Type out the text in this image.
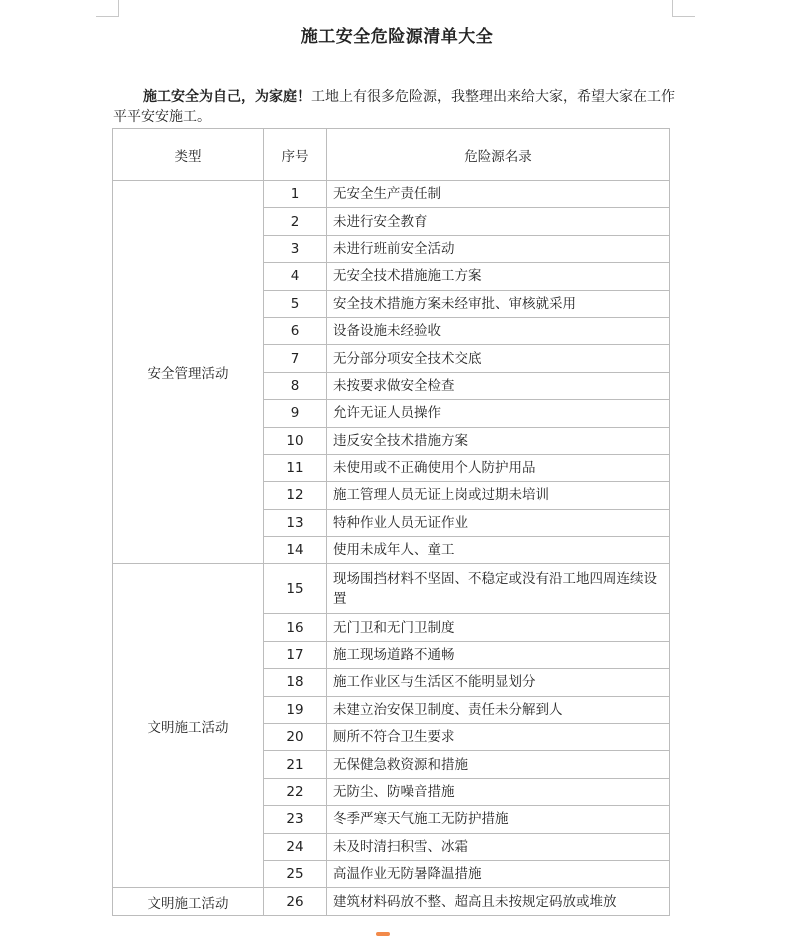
施工安全危险源清单大全
施工安全为自己，为家庭！工地上有很多危险源，我整理出来给大家，希望大家在工作平平安安施工。
类型	序号	危险源名录
安全管理活动	1	无安全生产责任制
	2	未进行安全教育
	3	未进行班前安全活动
	4	无安全技术措施施工方案
	5	安全技术措施方案未经审批、审核就采用
	6	设备设施未经验收
	7	无分部分项安全技术交底
	8	未按要求做安全检查
	9	允许无证人员操作
	10	违反安全技术措施方案
	11	未使用或不正确使用个人防护用品
	12	施工管理人员无证上岗或过期未培训
	13	特种作业人员无证作业
	14	使用未成年人、童工
文明施工活动	15	现场围挡材料不坚固、不稳定或没有沿工地四周连续设置
	16	无门卫和无门卫制度
	17	施工现场道路不通畅
	18	施工作业区与生活区不能明显划分
	19	未建立治安保卫制度、责任未分解到人
	20	厕所不符合卫生要求
	21	无保健急救资源和措施
	22	无防尘、防噪音措施
	23	冬季严寒天气施工无防护措施
	24	未及时清扫积雪、冰霜
	25	高温作业无防暑降温措施
文明施工活动	26	建筑材料码放不整、超高且未按规定码放或堆放
